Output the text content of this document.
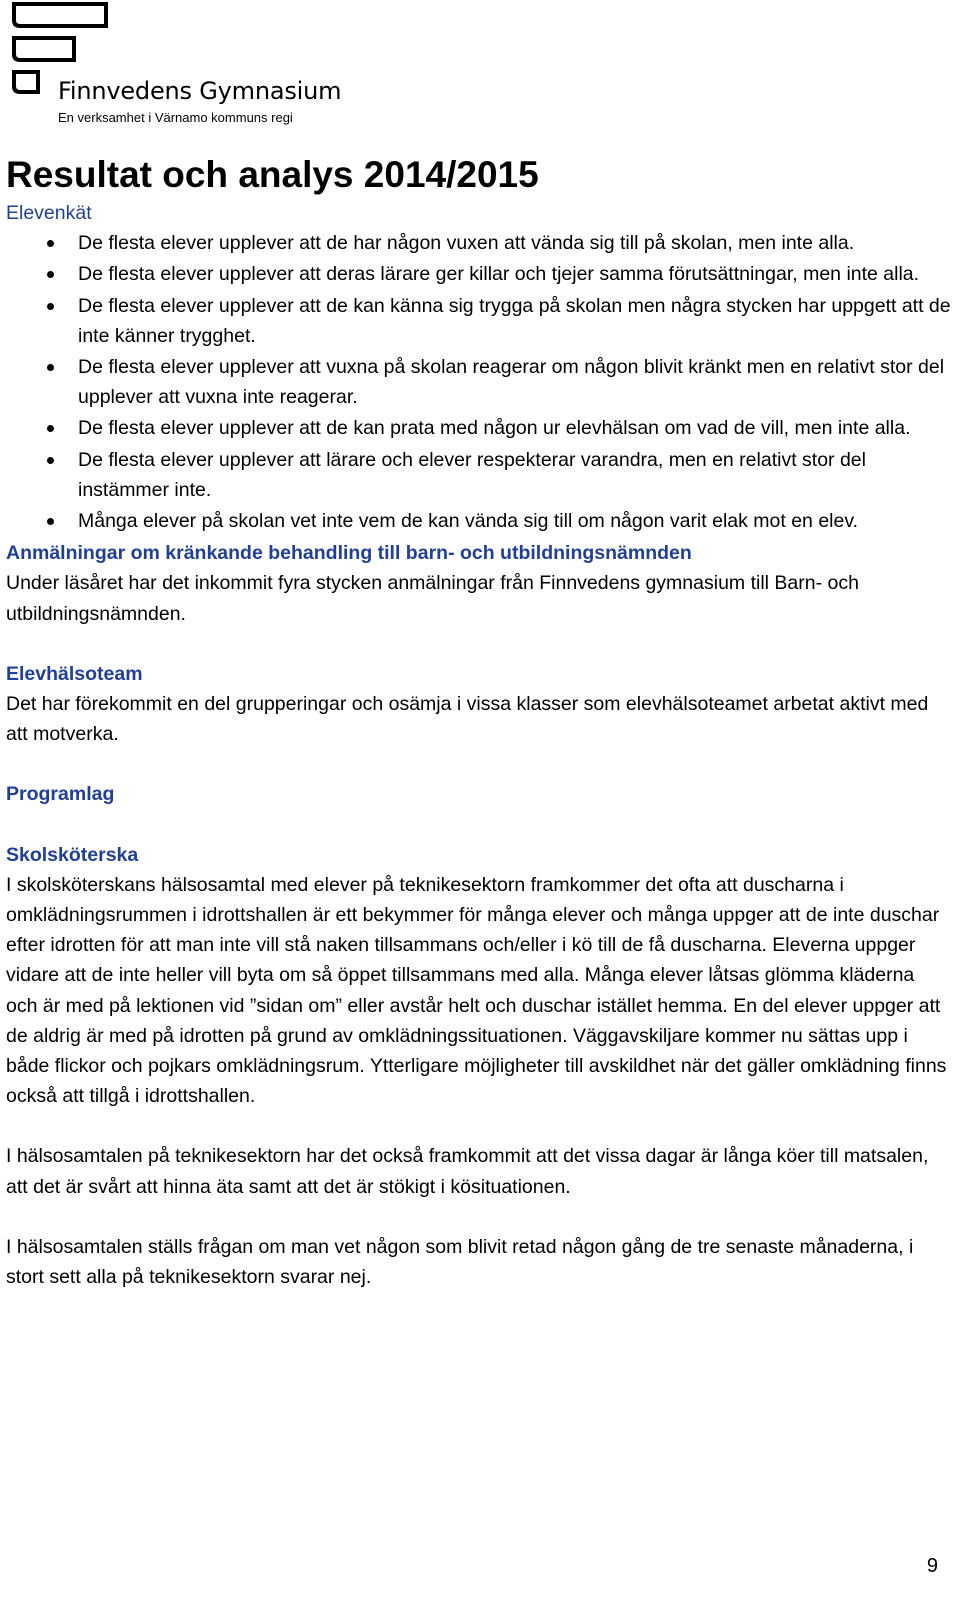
Finnvedens Gymnasium
En verksamhet i Värnamo kommuns regi
Resultat och analys 2014/2015
Elevenkät
De flesta elever upplever att de har någon vuxen att vända sig till på skolan, men inte alla.
De flesta elever upplever att deras lärare ger killar och tjejer samma förutsättningar, men inte alla.
De flesta elever upplever att de kan känna sig trygga på skolan men några stycken har uppgett att de inte känner trygghet.
De flesta elever upplever att vuxna på skolan reagerar om någon blivit kränkt men en relativt stor del upplever att vuxna inte reagerar.
De flesta elever upplever att de kan prata med någon ur elevhälsan om vad de vill, men inte alla.
De flesta elever upplever att lärare och elever respekterar varandra, men en relativt stor del instämmer inte.
Många elever på skolan vet inte vem de kan vända sig till om någon varit elak mot en elev.
Anmälningar om kränkande behandling till barn- och utbildningsnämnden

Under läsåret har det inkommit fyra stycken anmälningar från Finnvedens gymnasium till Barn- och utbildningsnämnden.

Elevhälsoteam

Det har förekommit en del grupperingar och osämja i vissa klasser som elevhälsoteamet arbetat aktivt med att motverka.

Programlag
Skolsköterska

I skolsköterskans hälsosamtal med elever på teknikesektorn framkommer det ofta att duscharna i omklädningsrummen i idrottshallen är ett bekymmer för många elever och många uppger att de inte duschar efter idrotten för att man inte vill stå naken tillsammans och/eller i kö till de få duscharna. Eleverna uppger vidare att de inte heller vill byta om så öppet tillsammans med alla. Många elever låtsas glömma kläderna och är med på lektionen vid ”sidan om” eller avstår helt och duschar istället hemma. En del elever uppger att de aldrig är med på idrotten på grund av omklädningssituationen. Väggavskiljare kommer nu sättas upp i både flickor och pojkars omklädningsrum. Ytterligare möjligheter till avskildhet när det gäller omklädning finns också att tillgå i idrottshallen.

I hälsosamtalen på teknikesektorn har det också framkommit att det vissa dagar är långa köer till matsalen, att det är svårt att hinna äta samt att det är stökigt i kösituationen.

I hälsosamtalen ställs frågan om man vet någon som blivit retad någon gång de tre senaste månaderna, i stort sett alla på teknikesektorn svarar nej.

9
